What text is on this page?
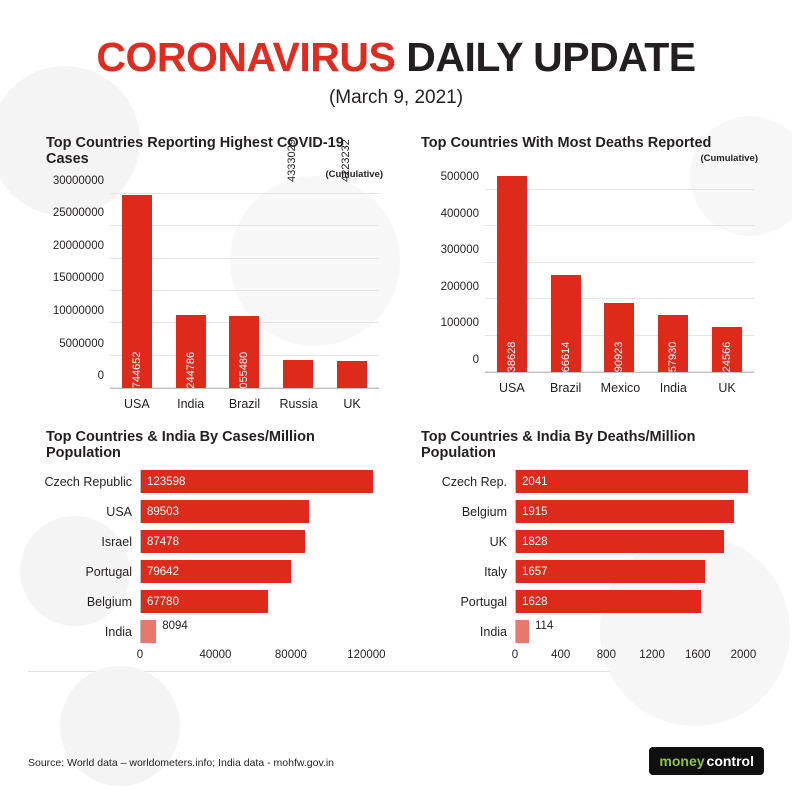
CORONAVIRUS DAILY UPDATE
(March 9, 2021)
Top Countries Reporting Highest COVID-19 Cases
(Cumulative)
0
5000000
10000000
15000000
20000000
25000000
30000000
29744652	11244786	11055480
4333029	4223232
USA	India	Brazil Russia	UK
Top Countries With Most Deaths Reported
(Cumulative)
0
100000
200000
300000
400000
500000
538628	266614	190923	157930	124566
USA	Brazil Mexico	India	UK
Top Countries & India By Cases/Million Population
Czech Republic	123598
USA	89503
Israel	87478
Portugal	79642
Belgium	67780
India	8094
0	40000	80000	120000
Top Countries & India By Deaths/Million Population
Czech Rep.	2041
Belgium	1915
UK	1828
Italy	1657
Portugal	1628
India	114
0	400 800 1200 1600 2000
Source: World data – worldometers.info; India data - mohfw.gov.in	money control
